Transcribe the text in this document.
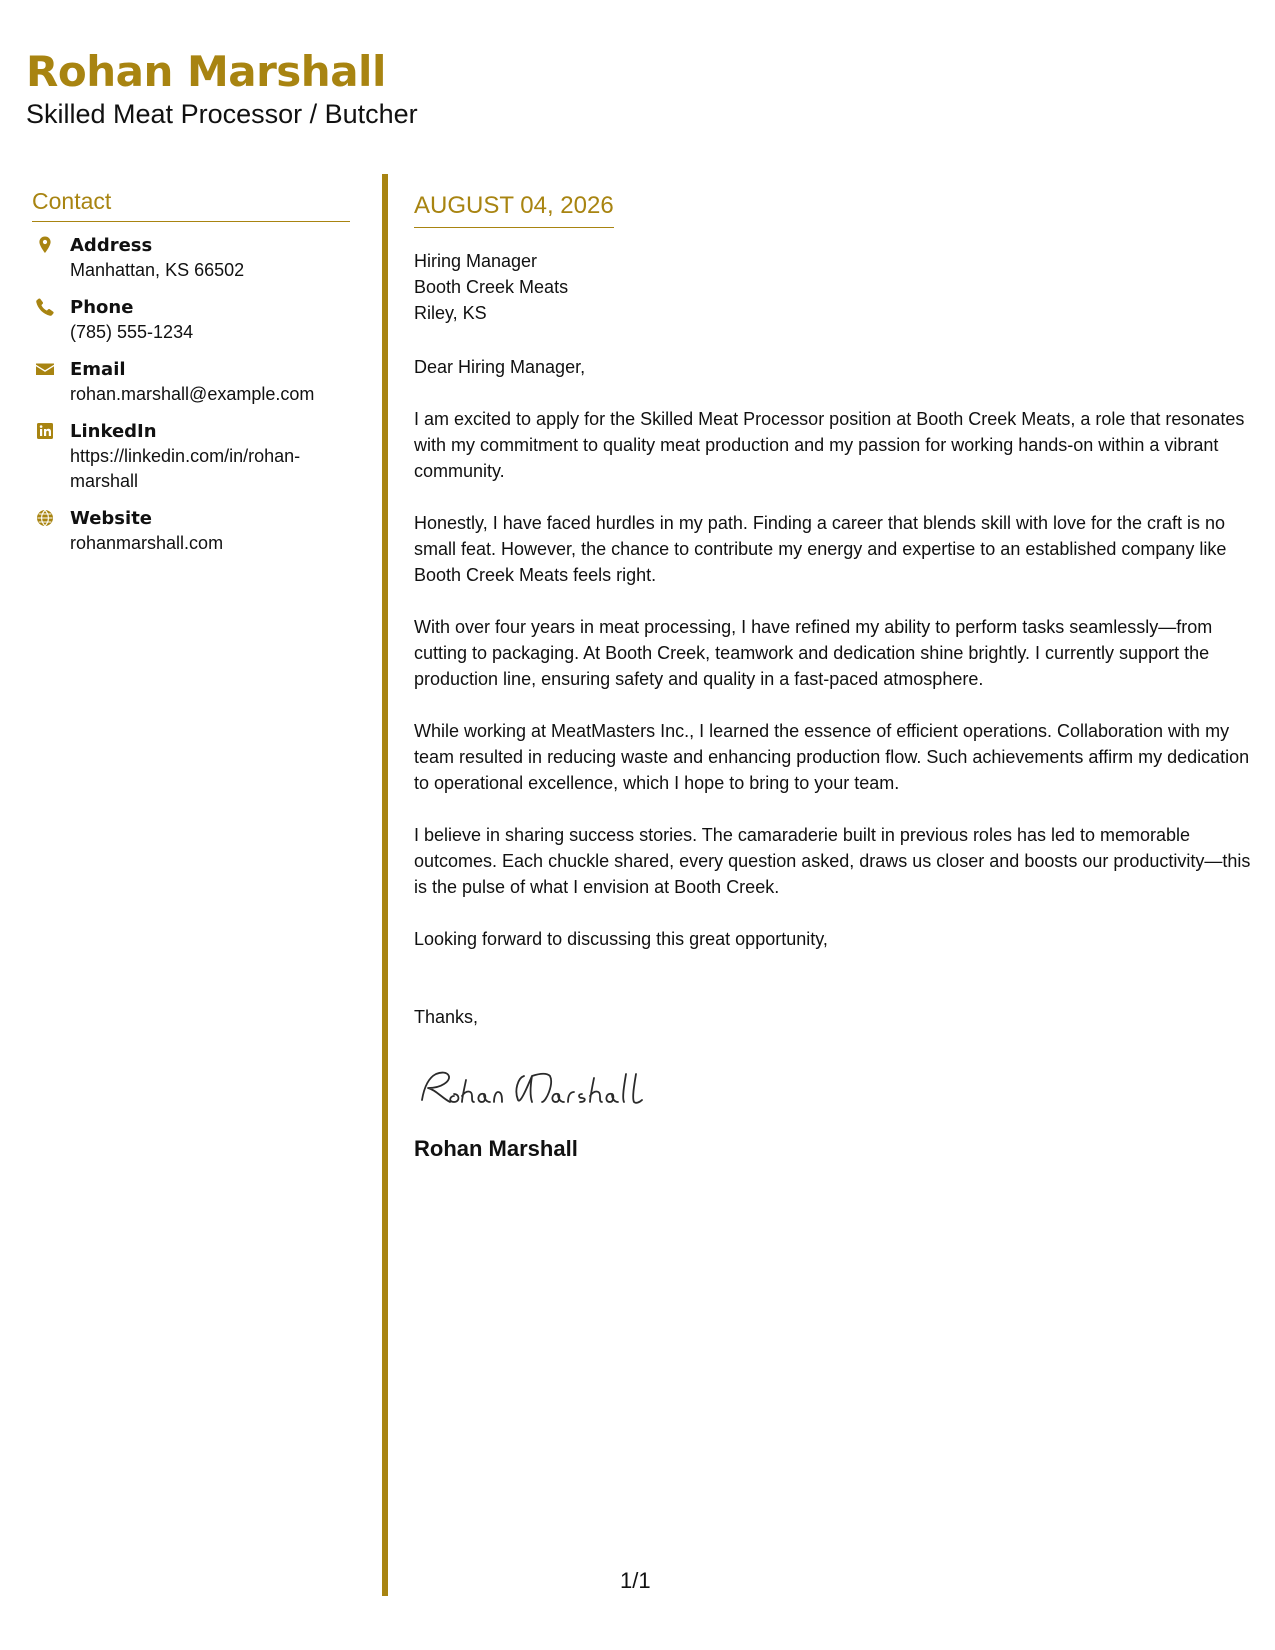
Rohan Marshall
Skilled Meat Processor / Butcher
Contact
Address
Manhattan, KS 66502
Phone
(785) 555-1234
Email
rohan.marshall@example.com
LinkedIn
https://linkedin.com/in/rohan-marshall
Website
rohanmarshall.com
AUGUST 04, 2026
Hiring Manager
Booth Creek Meats
Riley, KS
Dear Hiring Manager,
I am excited to apply for the Skilled Meat Processor position at Booth Creek Meats, a role that resonates with my commitment to quality meat production and my passion for working hands-on within a vibrant community.
Honestly, I have faced hurdles in my path. Finding a career that blends skill with love for the craft is no small feat. However, the chance to contribute my energy and expertise to an established company like Booth Creek Meats feels right.
With over four years in meat processing, I have refined my ability to perform tasks seamlessly—from cutting to packaging. At Booth Creek, teamwork and dedication shine brightly. I currently support the production line, ensuring safety and quality in a fast-paced atmosphere.
While working at MeatMasters Inc., I learned the essence of efficient operations. Collaboration with my team resulted in reducing waste and enhancing production flow. Such achievements affirm my dedication to operational excellence, which I hope to bring to your team.
I believe in sharing success stories. The camaraderie built in previous roles has led to memorable outcomes. Each chuckle shared, every question asked, draws us closer and boosts our productivity—this is the pulse of what I envision at Booth Creek.
Looking forward to discussing this great opportunity,
Thanks,
Rohan Marshall
1/1
